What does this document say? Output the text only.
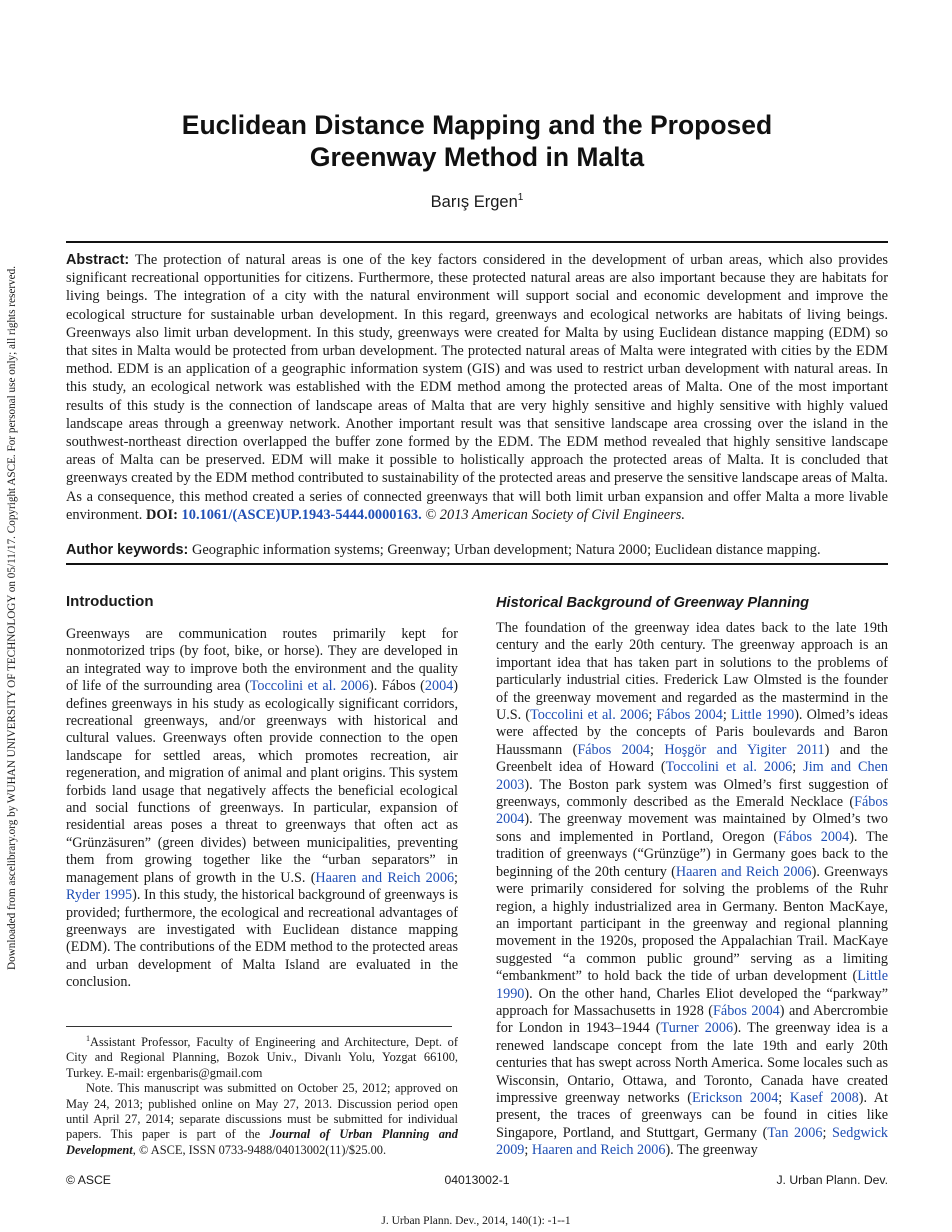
Downloaded from ascelibrary.org by WUHAN UNIVERSITY OF TECHNOLOGY on 05/11/17. Copyright ASCE. For personal use only; all rights reserved.
Euclidean Distance Mapping and the Proposed
Greenway Method in Malta
Barış Ergen$^1$
Abstract: The protection of natural areas is one of the key factors considered in the development of urban areas, which also provides significant recreational opportunities for citizens. Furthermore, these protected natural areas are also important because they are habitats for living beings. The integration of a city with the natural environment will support social and economic development and improve the ecological structure for sustainable urban development. In this regard, greenways and ecological networks are habitats of living beings. Greenways also limit urban development. In this study, greenways were created for Malta by using Euclidean distance mapping (EDM) so that sites in Malta would be protected from urban development. The protected natural areas of Malta were integrated with cities by the EDM method. EDM is an application of a geographic information system (GIS) and was used to restrict urban development with natural areas. In this study, an ecological network was established with the EDM method among the protected areas of Malta. One of the most important results of this study is the connection of landscape areas of Malta that are very highly sensitive and highly sensitive with highly valued landscape areas through a greenway network. Another important result was that sensitive landscape area crossing over the island in the southwest-northeast direction overlapped the buffer zone formed by the EDM. The EDM method revealed that highly sensitive landscape areas of Malta can be preserved. EDM will make it possible to holistically approach the protected areas of Malta. It is concluded that greenways created by the EDM method contributed to sustainability of the protected areas and preserve the sensitive landscape areas of Malta. As a consequence, this method created a series of connected greenways that will both limit urban expansion and offer Malta a more livable environment. DOI: 10.1061/(ASCE)UP.1943-5444.0000163. © 2013 American Society of Civil Engineers.
Author keywords: Geographic information systems; Greenway; Urban development; Natura 2000; Euclidean distance mapping.
Introduction
Greenways are communication routes primarily kept for nonmotorized trips (by foot, bike, or horse). They are developed in an integrated way to improve both the environment and the quality of life of the surrounding area (Toccolini et al. 2006). Fábos (2004) defines greenways in his study as ecologically significant corridors, recreational greenways, and/or greenways with historical and cultural values. Greenways often provide connection to the open landscape for settled areas, which promotes recreation, air regeneration, and migration of animal and plant origins. This system forbids land usage that negatively affects the beneficial ecological and social functions of greenways. In particular, expansion of residential areas poses a threat to greenways that often act as “Grünzäsuren” (green divides) between municipalities, preventing them from growing together like the “urban separators” in management plans of growth in the U.S. (Haaren and Reich 2006; Ryder 1995). In this study, the historical background of greenways is provided; furthermore, the ecological and recreational advantages of greenways are investigated with Euclidean distance mapping (EDM). The contributions of the EDM method to the protected areas and urban development of Malta Island are evaluated in the conclusion.

$^1$Assistant Professor, Faculty of Engineering and Architecture, Dept. of City and Regional Planning, Bozok Univ., Divanlı Yolu, Yozgat 66100, Turkey. E-mail: ergenbaris@gmail.com

Note. This manuscript was submitted on October 25, 2012; approved on May 24, 2013; published online on May 27, 2013. Discussion period open until April 27, 2014; separate discussions must be submitted for individual papers. This paper is part of the Journal of Urban Planning and Development, © ASCE, ISSN 0733-9488/04013002(11)/$25.00.

Historical Background of Greenway Planning
The foundation of the greenway idea dates back to the late 19th century and the early 20th century. The greenway approach is an important idea that has taken part in solutions to the problems of particularly industrial cities. Frederick Law Olmsted is the founder of the greenway movement and regarded as the mastermind in the U.S. (Toccolini et al. 2006; Fábos 2004; Little 1990). Olmed’s ideas were affected by the concepts of Paris boulevards and Baron Haussmann (Fábos 2004; Hoşgör and Yigiter 2011) and the Greenbelt idea of Howard (Toccolini et al. 2006; Jim and Chen 2003). The Boston park system was Olmed’s first suggestion of greenways, commonly described as the Emerald Necklace (Fábos 2004). The greenway movement was maintained by Olmed’s two sons and implemented in Portland, Oregon (Fábos 2004). The tradition of greenways (“Grünzüge”) in Germany goes back to the beginning of the 20th century (Haaren and Reich 2006). Greenways were primarily considered for solving the problems of the Ruhr region, a highly industrialized area in Germany. Benton MacKaye, an important participant in the greenway and regional planning movement in the 1920s, proposed the Appalachian Trail. MacKaye suggested “a common public ground” serving as a limiting “embankment” to hold back the tide of urban development (Little 1990). On the other hand, Charles Eliot developed the “parkway” approach for Massachusetts in 1928 (Fábos 2004) and Abercrombie for London in 1943–1944 (Turner 2006). The greenway idea is a renewed landscape concept from the late 19th and early 20th centuries that has swept across North America. Some locales such as Wisconsin, Ontario, Ottawa, and Toronto, Canada have created impressive greenway networks (Erickson 2004; Kasef 2008). At present, the traces of greenways can be found in cities like Singapore, Portland, and Stuttgart, Germany (Tan 2006; Sedgwick 2009; Haaren and Reich 2006). The greenway
© ASCE	04013002-1	J. Urban Plann. Dev.
J. Urban Plann. Dev., 2014, 140(1): -1--1
